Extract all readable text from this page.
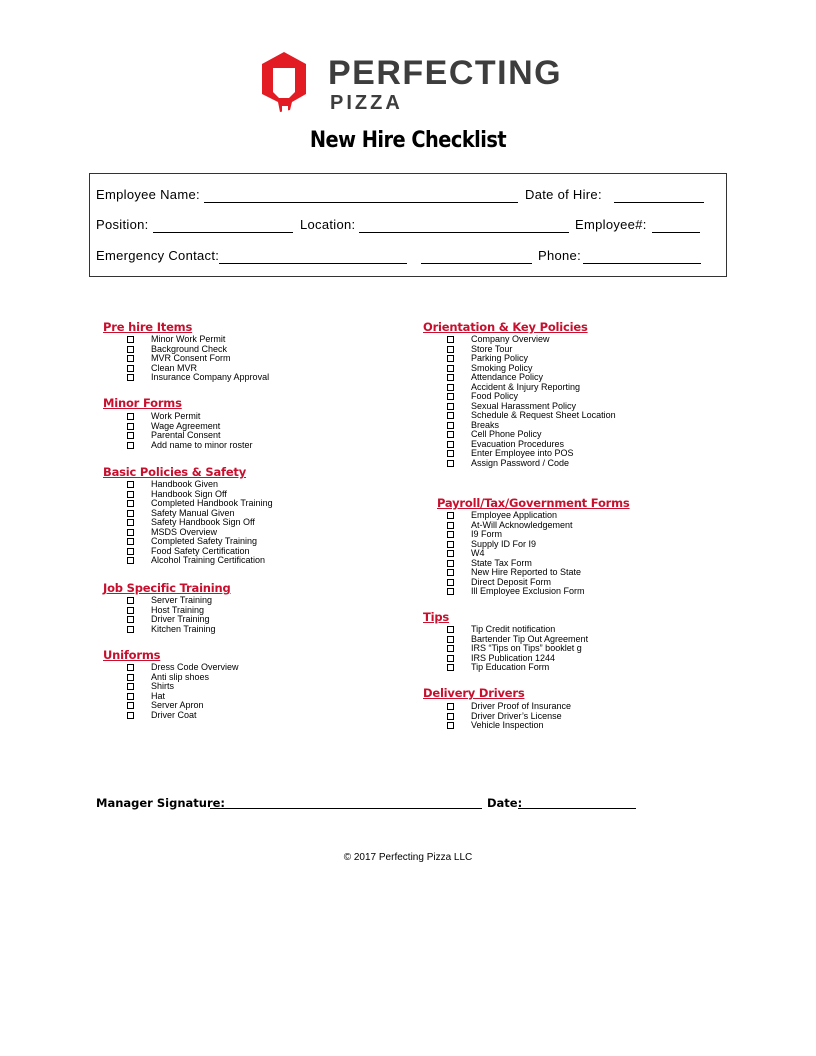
PERFECTING
PIZZA
New Hire Checklist
Employee Name:	Date of Hire:
Position:	Location:	Employee#:
Emergency Contact:	Phone:
Pre hire Items
Minor Work Permit
Background Check
MVR Consent Form
Clean MVR
Insurance Company Approval
Minor Forms
Work Permit
Wage Agreement
Parental Consent
Add name to minor roster
Basic Policies & Safety
Handbook Given
Handbook Sign Off
Completed Handbook Training
Safety Manual Given
Safety Handbook Sign Off
MSDS Overview
Completed Safety Training
Food Safety Certification
Alcohol Training Certification
Job Specific Training
Server Training
Host Training
Driver Training
Kitchen Training
Uniforms
Dress Code Overview
Anti slip shoes
Shirts
Hat
Server Apron
Driver Coat
Orientation & Key Policies
Company Overview
Store Tour
Parking Policy
Smoking Policy
Attendance Policy
Accident & Injury Reporting
Food Policy
Sexual Harassment Policy
Schedule & Request Sheet Location
Breaks
Cell Phone Policy
Evacuation Procedures
Enter Employee into POS
Assign Password / Code
Payroll/Tax/Government Forms
Employee Application
At-Will Acknowledgement
I9 Form
Supply ID For I9
W4
State Tax Form
New Hire Reported to State
Direct Deposit Form
Ill Employee Exclusion Form
Tips
Tip Credit notification
Bartender Tip Out Agreement
IRS “Tips on Tips” booklet g
IRS Publication 1244
Tip Education Form
Delivery Drivers
Driver Proof of Insurance
Driver Driver’s License
Vehicle Inspection
Manager Signature:	Date:
© 2017 Perfecting Pizza LLC
